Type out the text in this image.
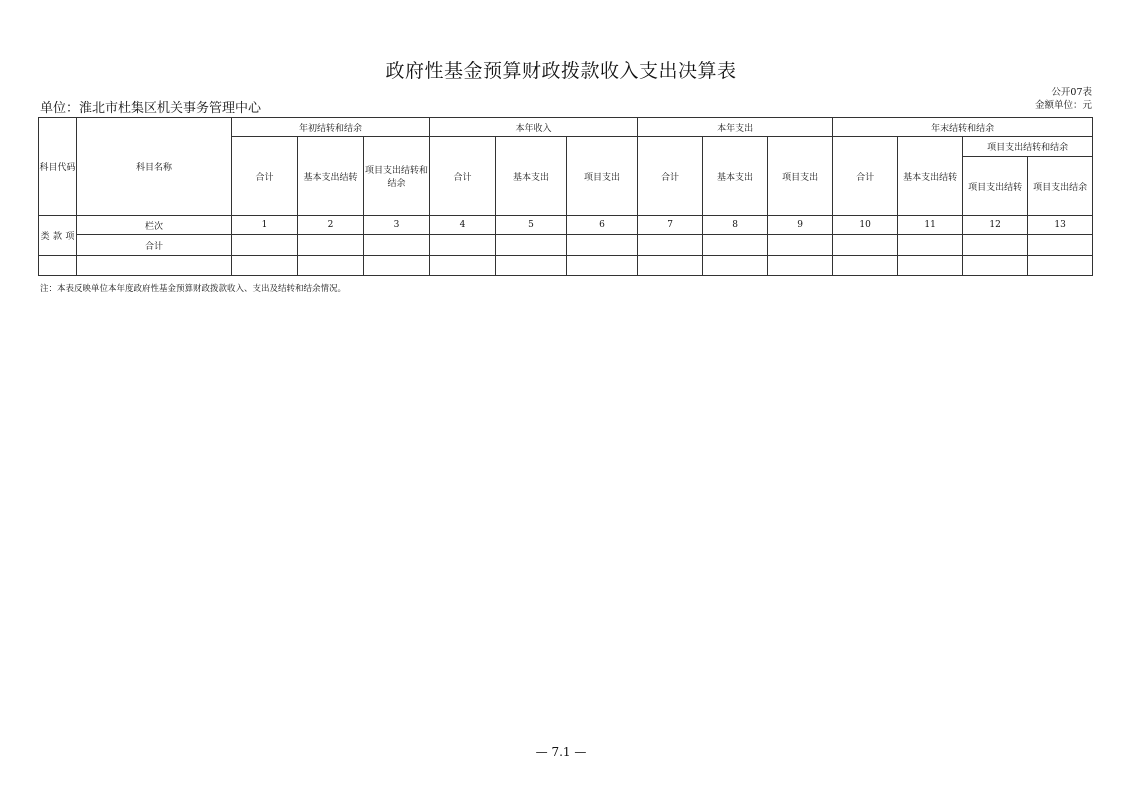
政府性基金预算财政拨款收入支出决算表
单位：淮北市杜集区机关事务管理中心
公开07表
金额单位：元
科目代码	科目名称	年初结转和结余			本年收入			本年支出			年末结转和结余			
		合计	基本支出结转	项目支出结转和结余	合计	基本支出	项目支出	合计	基本支出	项目支出	合计	基本支出结转	项目支出结转和结余	
													项目支出结转	项目支出结余

类 款 项	栏次	1	2	3	4	5	6	7	8	9	10	11	12	13
	合计													

注：本表反映单位本年度政府性基金预算财政拨款收入、支出及结转和结余情况。
— 7.1 —
